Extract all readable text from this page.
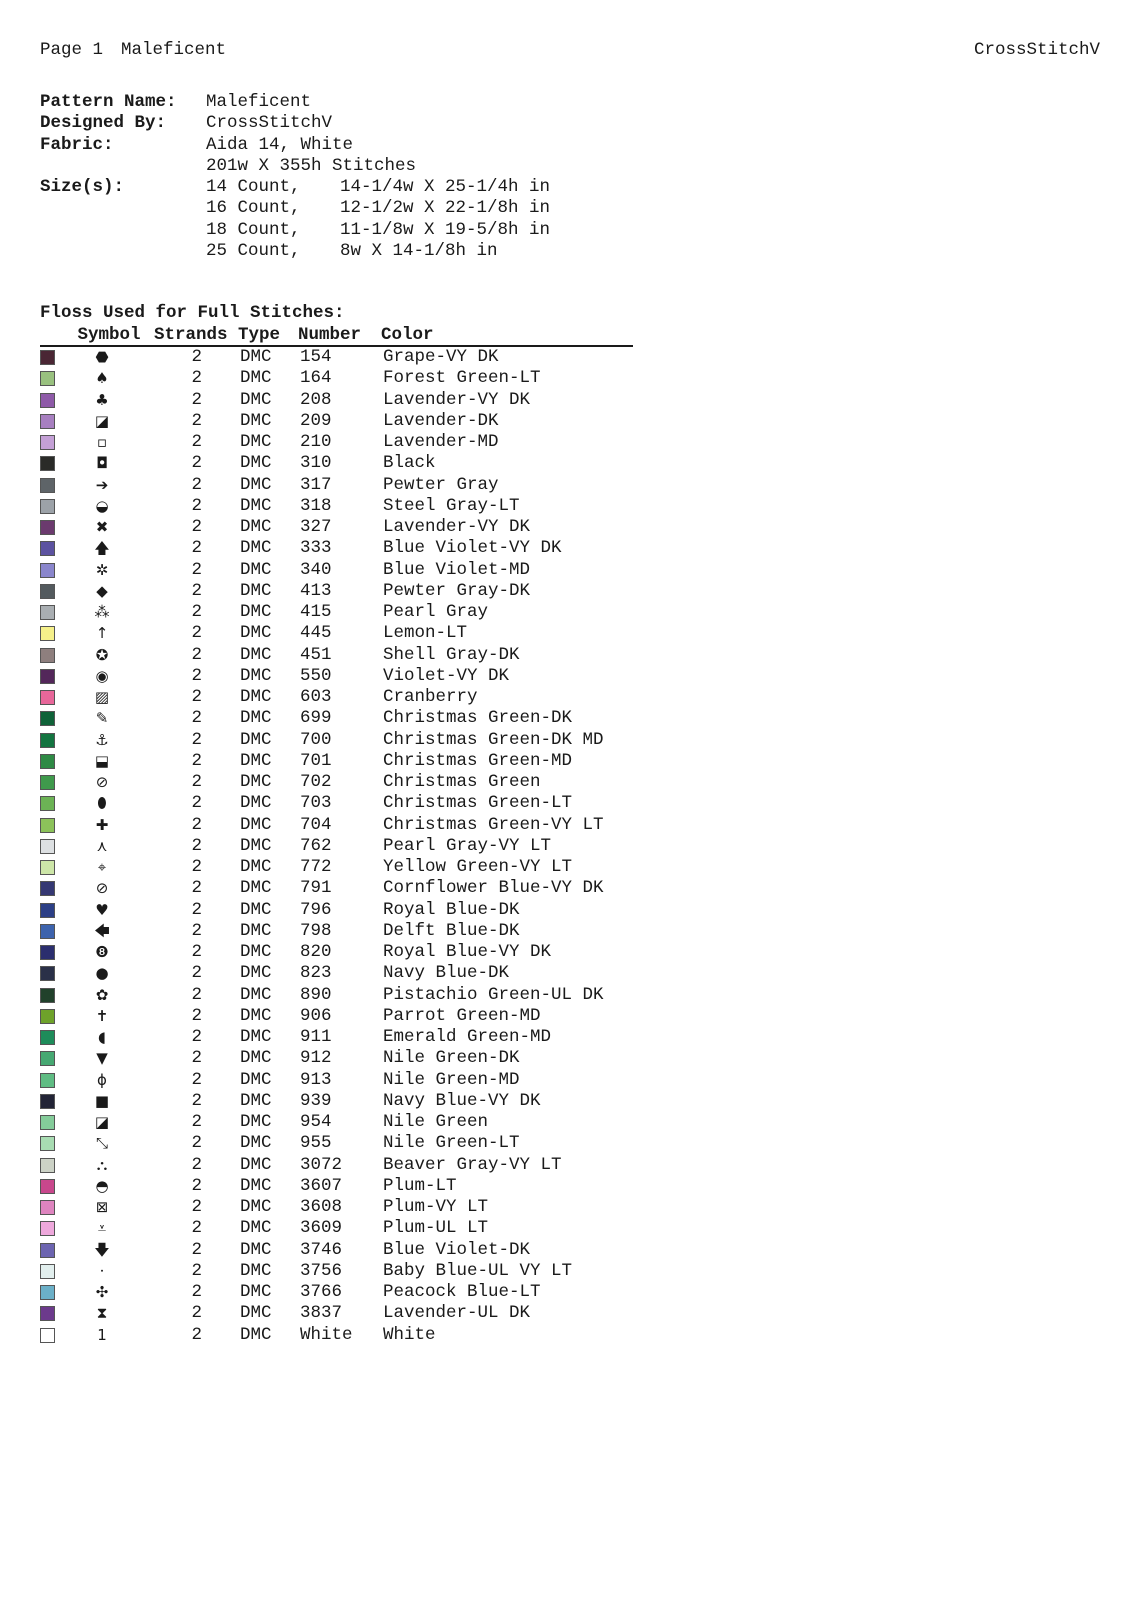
Page 1 Maleficent	CrossStitchV
Pattern Name:	Maleficent	
Designed By:	CrossStitchV	
Fabric:	Aida 14, White	
	201w X 355h Stitches	
Size(s):	14 Count,	14-1/4w X 25-1/4h in
	16 Count,	12-1/2w X 22-1/8h in
	18 Count,	11-1/8w X 19-5/8h in
	25 Count,	8w X 14-1/8h in
Floss Used for Full Stitches:
Symbol Strands Type	Number	Color
⬣	2	DMC	154	Grape-VY DK
♠	2	DMC	164	Forest Green-LT
♣	2	DMC	208	Lavender-VY DK
◪	2	DMC	209	Lavender-DK
▫	2	DMC	210	Lavender-MD
◘	2	DMC	310	Black
➔	2	DMC	317	Pewter Gray
◒	2	DMC	318	Steel Gray-LT
✖	2	DMC	327	Lavender-VY DK
🡅	2	DMC	333	Blue Violet-VY DK
✲	2	DMC	340	Blue Violet-MD
◆	2	DMC	413	Pewter Gray-DK
⁂	2	DMC	415	Pearl Gray
↑	2	DMC	445	Lemon-LT
✪	2	DMC	451	Shell Gray-DK
◉	2	DMC	550	Violet-VY DK
▨	2	DMC	603	Cranberry
✎	2	DMC	699	Christmas Green-DK
⚓	2	DMC	700	Christmas Green-DK MD
⬓	2	DMC	701	Christmas Green-MD
⊘	2	DMC	702	Christmas Green
⬮	2	DMC	703	Christmas Green-LT
✚	2	DMC	704	Christmas Green-VY LT
⋏	2	DMC	762	Pearl Gray-VY LT
⌖	2	DMC	772	Yellow Green-VY LT
⊘	2	DMC	791	Cornflower Blue-VY DK
♥	2	DMC	796	Royal Blue-DK
🡄	2	DMC	798	Delft Blue-DK
❽	2	DMC	820	Royal Blue-VY DK
●	2	DMC	823	Navy Blue-DK
✿	2	DMC	890	Pistachio Green-UL DK
✝	2	DMC	906	Parrot Green-MD
◖	2	DMC	911	Emerald Green-MD
▼	2	DMC	912	Nile Green-DK
ɸ	2	DMC	913	Nile Green-MD
■	2	DMC	939	Navy Blue-VY DK
◪	2	DMC	954	Nile Green
⤡	2	DMC	955	Nile Green-LT
⛬	2	DMC	3072	Beaver Gray-VY LT
◓	2	DMC	3607	Plum-LT
⊠	2	DMC	3608	Plum-VY LT
⩡	2	DMC	3609	Plum-UL LT
🡇	2	DMC	3746	Blue Violet-DK
⸱	2	DMC	3756	Baby Blue-UL VY LT
✣	2	DMC	3766	Peacock Blue-LT
⧗	2	DMC	3837	Lavender-UL DK
1	2	DMC	White	White
